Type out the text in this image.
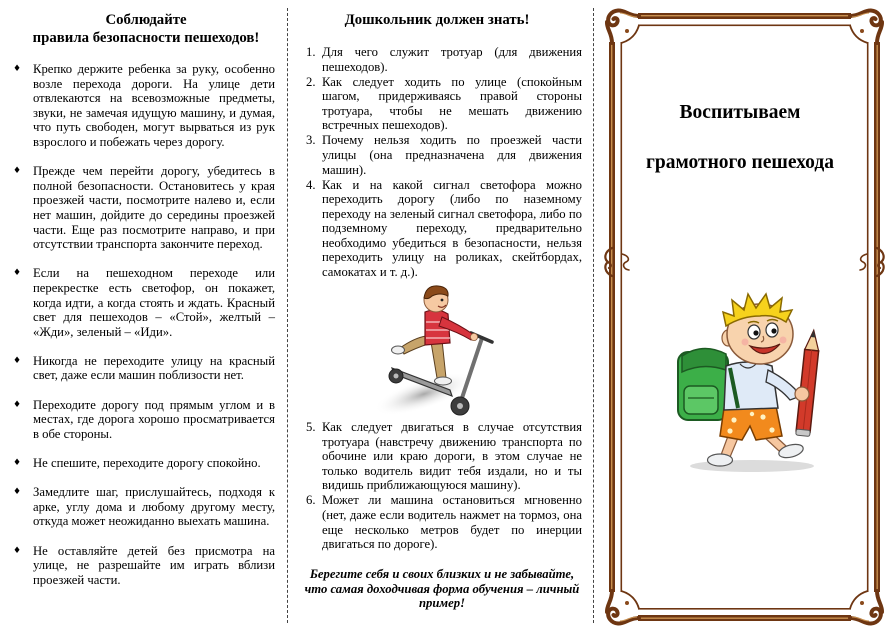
Соблюдайте
правила безопасности пешеходов!
♦ Крепко держите ребенка за руку, особенно возле перехода дороги. На улице дети отвлекаются на всевозможные предметы, звуки, не замечая идущую машину, и думая, что путь свободен, могут вырваться из рук взрослого и побежать через дорогу.
♦ Прежде чем перейти дорогу, убедитесь в полной безопасности. Остановитесь у края проезжей части, посмотрите налево и, если нет машин, дойдите до середины проезжей части. Еще раз посмотрите направо, и при отсутствии транспорта закончите переход.
♦ Если на пешеходном переходе или перекрестке есть светофор, он покажет, когда идти, а когда стоять и ждать. Красный свет для пешеходов – «Стой», желтый – «Жди», зеленый – «Иди».
♦ Никогда не переходите улицу на красный свет, даже если машин поблизости нет.
♦ Переходите дорогу под прямым углом и в местах, где дорога хорошо просматривается в обе стороны.
♦ Не спешите, переходите дорогу спокойно.
♦ Замедлите шаг, прислушайтесь, подходя к арке, углу дома и любому другому месту, откуда может неожиданно выехать машина.
♦ Не оставляйте детей без присмотра на улице, не разрешайте им играть вблизи проезжей части.
Дошкольник должен знать!
1. Для чего служит тротуар (для движения пешеходов).
2. Как следует ходить по улице (спокойным шагом, придерживаясь правой стороны тротуара, чтобы не мешать движению встречных пешеходов).
3. Почему нельзя ходить по проезжей части улицы (она предназначена для движения машин).
4. Как и на какой сигнал светофора можно переходить дорогу (либо по наземному переходу на зеленый сигнал светофора, либо по подземному переходу, предварительно необходимо убедиться в безопасности, нельзя переходить улицу на роликах, скейтбордах, самокатах и т. д.).
5. Как следует двигаться в случае отсутствия тротуара (навстречу движению транспорта по обочине или краю дороги, в этом случае не только водитель видит тебя издали, но и ты видишь приближающуюся машину).
6. Может ли машина остановиться мгновенно (нет, даже если водитель нажмет на тормоз, она еще несколько метров будет по инерции двигаться по дороге).
Берегите себя и своих близких и не забывайте, что самая доходчивая форма обучения – личный пример!
Воспитываем
грамотного пешехода
